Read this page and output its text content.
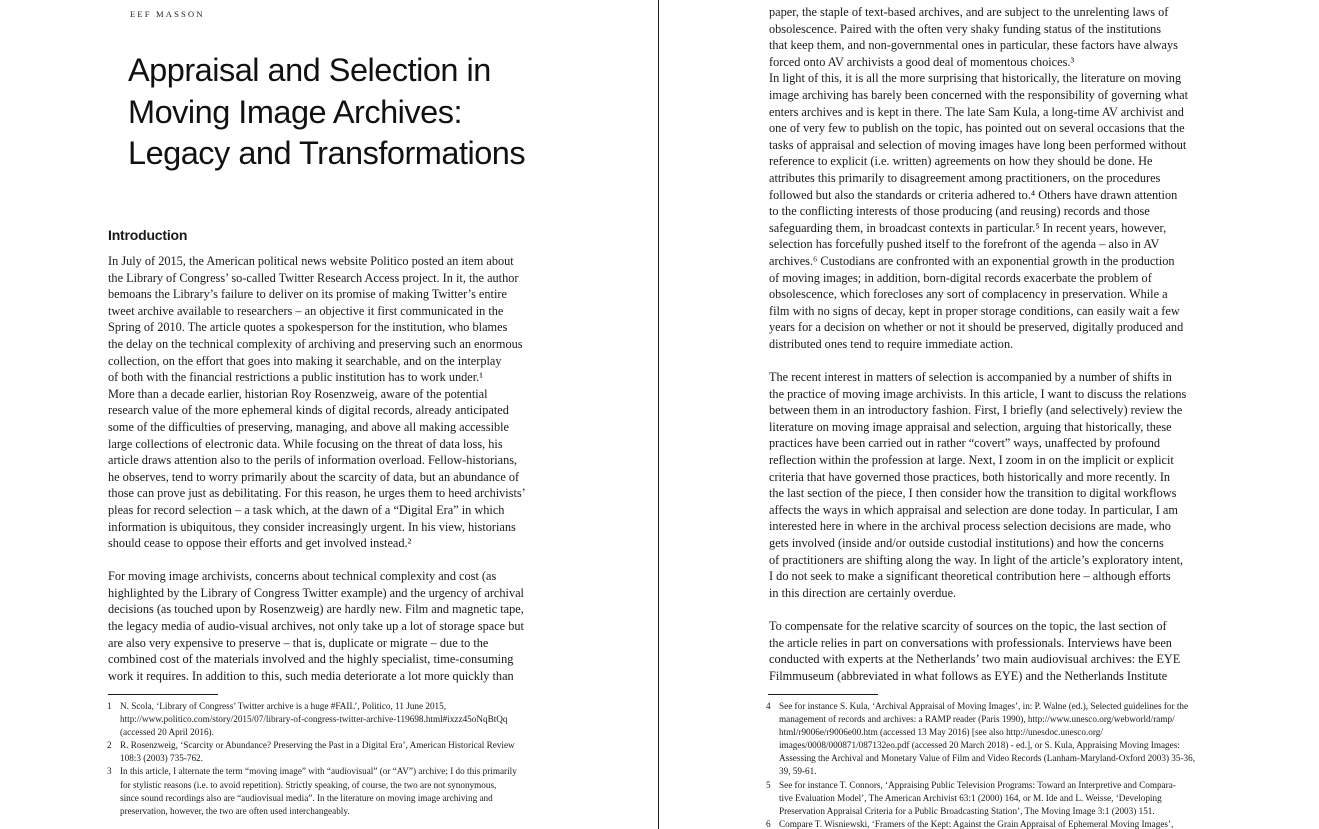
EEF MASSON
Appraisal and Selection in
Moving Image Archives:
Legacy and Transformations
Introduction
In July of 2015, the American political news website Politico posted an item about
the Library of Congress’ so-called Twitter Research Access project. In it, the author
bemoans the Library’s failure to deliver on its promise of making Twitter’s entire
tweet archive available to researchers – an objective it first communicated in the
Spring of 2010. The article quotes a spokesperson for the institution, who blames
the delay on the technical complexity of archiving and preserving such an enormous
collection, on the effort that goes into making it searchable, and on the interplay
of both with the financial restrictions a public institution has to work under.¹
More than a decade earlier, historian Roy Rosenzweig, aware of the potential
research value of the more ephemeral kinds of digital records, already anticipated
some of the difficulties of preserving, managing, and above all making accessible
large collections of electronic data. While focusing on the threat of data loss, his
article draws attention also to the perils of information overload. Fellow-historians,
he observes, tend to worry primarily about the scarcity of data, but an abundance of
those can prove just as debilitating. For this reason, he urges them to heed archivists’
pleas for record selection – a task which, at the dawn of a “Digital Era” in which
information is ubiquitous, they consider increasingly urgent. In his view, historians
should cease to oppose their efforts and get involved instead.²
For moving image archivists, concerns about technical complexity and cost (as
highlighted by the Library of Congress Twitter example) and the urgency of archival
decisions (as touched upon by Rosenzweig) are hardly new. Film and magnetic tape,
the legacy media of audio-visual archives, not only take up a lot of storage space but
are also very expensive to preserve – that is, duplicate or migrate – due to the
combined cost of the materials involved and the highly specialist, time-consuming
work it requires. In addition to this, such media deteriorate a lot more quickly than
1 N. Scola, ‘Library of Congress’ Twitter archive is a huge #FAIL’, Politico, 11 June 2015,
http://www.politico.com/story/2015/07/library-of-congress-twitter-archive-119698.html#ixzz45oNqBtQq
(accessed 20 April 2016).
2 R. Rosenzweig, ‘Scarcity or Abundance? Preserving the Past in a Digital Era’, American Historical Review
108:3 (2003) 735-762.
3 In this article, I alternate the term “moving image” with “audiovisual” (or “AV”) archive; I do this primarily
for stylistic reasons (i.e. to avoid repetition). Strictly speaking, of course, the two are not synonymous,
since sound recordings also are “audiovisual media”. In the literature on moving image archiving and
preservation, however, the two are often used interchangeably.
paper, the staple of text-based archives, and are subject to the unrelenting laws of
obsolescence. Paired with the often very shaky funding status of the institutions
that keep them, and non-governmental ones in particular, these factors have always
forced onto AV archivists a good deal of momentous choices.³
In light of this, it is all the more surprising that historically, the literature on moving
image archiving has barely been concerned with the responsibility of governing what
enters archives and is kept in there. The late Sam Kula, a long-time AV archivist and
one of very few to publish on the topic, has pointed out on several occasions that the
tasks of appraisal and selection of moving images have long been performed without
reference to explicit (i.e. written) agreements on how they should be done. He
attributes this primarily to disagreement among practitioners, on the procedures
followed but also the standards or criteria adhered to.⁴ Others have drawn attention
to the conflicting interests of those producing (and reusing) records and those
safeguarding them, in broadcast contexts in particular.⁵ In recent years, however,
selection has forcefully pushed itself to the forefront of the agenda – also in AV
archives.⁶ Custodians are confronted with an exponential growth in the production
of moving images; in addition, born-digital records exacerbate the problem of
obsolescence, which forecloses any sort of complacency in preservation. While a
film with no signs of decay, kept in proper storage conditions, can easily wait a few
years for a decision on whether or not it should be preserved, digitally produced and
distributed ones tend to require immediate action.
The recent interest in matters of selection is accompanied by a number of shifts in
the practice of moving image archivists. In this article, I want to discuss the relations
between them in an introductory fashion. First, I briefly (and selectively) review the
literature on moving image appraisal and selection, arguing that historically, these
practices have been carried out in rather “covert” ways, unaffected by profound
reflection within the profession at large. Next, I zoom in on the implicit or explicit
criteria that have governed those practices, both historically and more recently. In
the last section of the piece, I then consider how the transition to digital workflows
affects the ways in which appraisal and selection are done today. In particular, I am
interested here in where in the archival process selection decisions are made, who
gets involved (inside and/or outside custodial institutions) and how the concerns
of practitioners are shifting along the way. In light of the article’s exploratory intent,
I do not seek to make a significant theoretical contribution here – although efforts
in this direction are certainly overdue.
To compensate for the relative scarcity of sources on the topic, the last section of
the article relies in part on conversations with professionals. Interviews have been
conducted with experts at the Netherlands’ two main audiovisual archives: the EYE
Filmmuseum (abbreviated in what follows as EYE) and the Netherlands Institute
4 See for instance S. Kula, ‘Archival Appraisal of Moving Images’, in: P. Walne (ed.), Selected guidelines for the
management of records and archives: a RAMP reader (Paris 1990), http://www.unesco.org/webworld/ramp/
html/r9006e/r9006e00.htm (accessed 13 May 2016) [see also http://unesdoc.unesco.org/
images/0008/000871/087132eo.pdf (accessed 20 March 2018) - ed.], or S. Kula, Appraising Moving Images:
Assessing the Archival and Monetary Value of Film and Video Records (Lanham-Maryland-Oxford 2003) 35-36,
39, 59-61.
5 See for instance T. Connors, ‘Appraising Public Television Programs: Toward an Interpretive and Compara-
tive Evaluation Model’, The American Archivist 63:1 (2000) 164, or M. Ide and L. Weisse, ‘Developing
Preservation Appraisal Criteria for a Public Broadcasting Station’, The Moving Image 3:1 (2003) 151.
6 Compare T. Wisniewski, ‘Framers of the Kept: Against the Grain Appraisal of Ephemeral Moving Images’,
